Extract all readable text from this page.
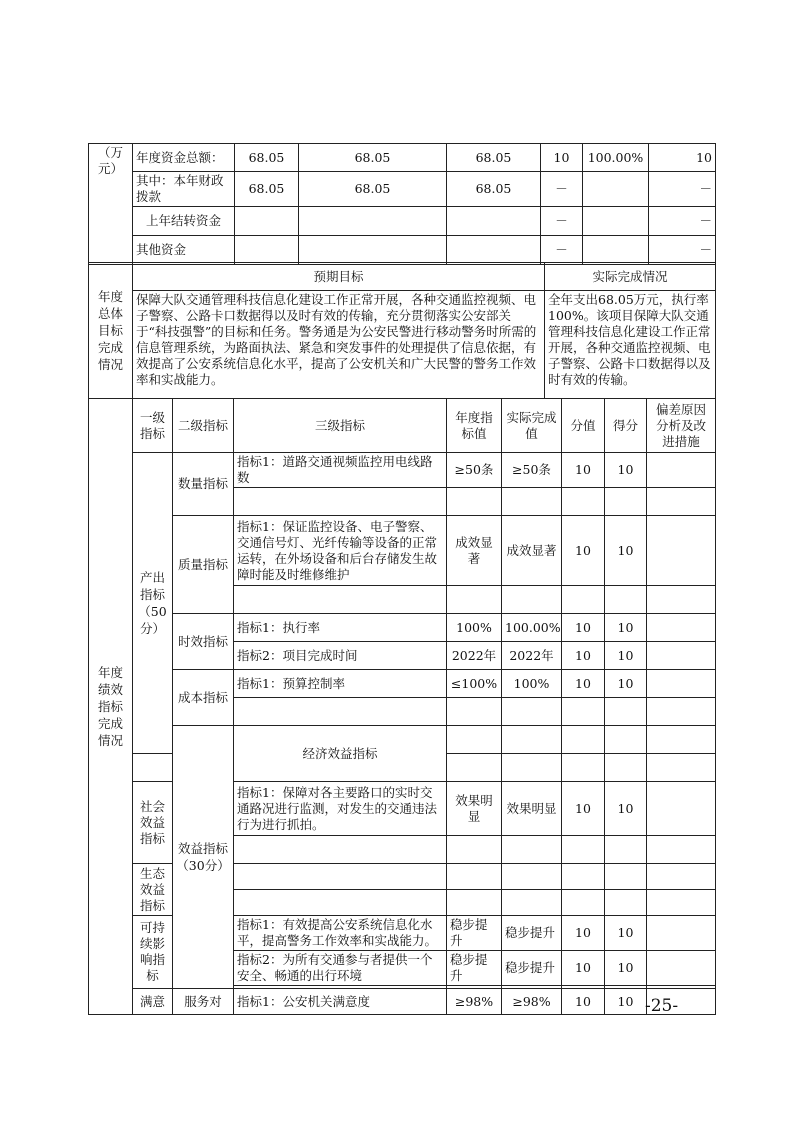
（万元）	年度资金总额：	68.05	68.05	68.05	10	100.00%	10
	其中：本年财政拨款	68.05	68.05	68.05	－		－
	上年结转资金				－		－
	其他资金				－		－
年度总体目标完成情况	预期目标	实际完成情况
	保障大队交通管理科技信息化建设工作正常开展，各种交通监控视频、电子警察、公路卡口数据得以及时有效的传输，充分贯彻落实公安部关于“科技强警”的目标和任务。警务通是为公安民警进行移动警务时所需的信息管理系统，为路面执法、紧急和突发事件的处理提供了信息依据，有效提高了公安系统信息化水平，提高了公安机关和广大民警的警务工作效率和实战能力。	全年支出68.05万元，执行率100%。该项目保障大队交通管理科技信息化建设工作正常开展，各种交通监控视频、电子警察、公路卡口数据得以及时有效的传输。
年度绩效指标完成情况	一级指标	二级指标	三级指标	年度指标值	实际完成值	分值	得分	偏差原因分析及改进措施	
	产出指标（50分）	数量指标	指标1：道路交通视频监控用电线路数	≥50条	≥50条	10	10		

		质量指标	指标1：保证监控设备、电子警察、交通信号灯、光纤传输等设备的正常运转，在外场设备和后台存储发生故障时能及时维修维护	成效显著	成效显著	10	10		

		时效指标	指标1：执行率	100%	100.00%	10	10		
			指标2：项目完成时间	2022年	2022年	10	10		
		成本指标	指标1：预算控制率	≤100%	100%	10	10		

		效益指标（30分）	经济效益指标						

	社会效益指标		指标1：保障对各主要路口的实时交通路况进行监测，对发生的交通违法行为进行抓拍。	效果明显	效果明显	10	10		

	生态效益指标								

	可持续影响指标		指标1：有效提高公安系统信息化水平，提高警务工作效率和实战能力。	稳步提升	稳步提升	10	10		
			指标2：为所有交通参与者提供一个安全、畅通的出行环境	稳步提升	稳步提升	10	10		

	满意	服务对	指标1：公安机关满意度	≥98%	≥98%	10	10		-25-
